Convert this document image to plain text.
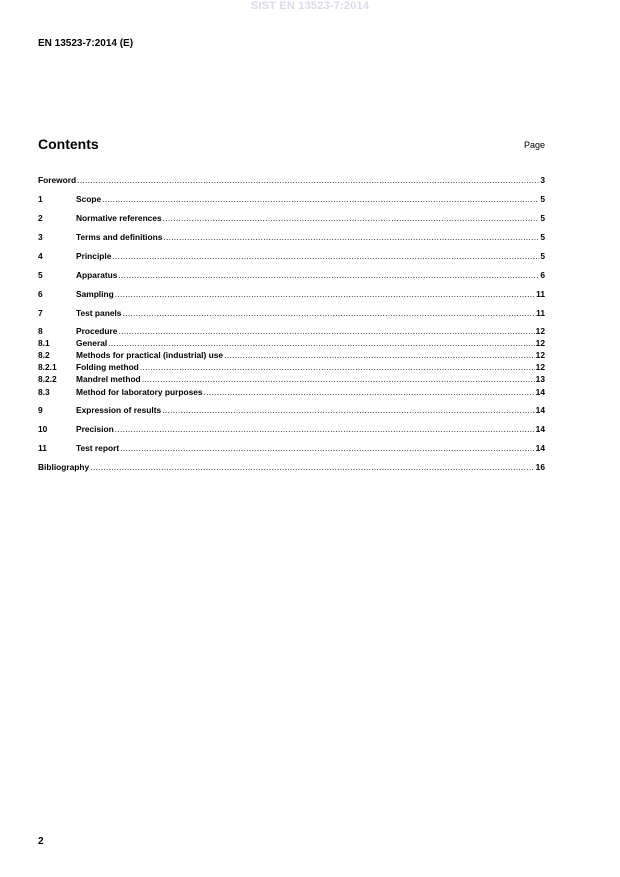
SIST EN 13523-7:2014
EN 13523-7:2014 (E)
Contents	Page
Foreword .....	3
1	Scope .....	5
2	Normative references .....	5
3	Terms and definitions .....	5
4	Principle .....	5
5	Apparatus .....	6
6	Sampling .....	11
7	Test panels .....	11
8	Procedure .....	12
8.1	General .....	12
8.2	Methods for practical (industrial) use .....	12
8.2.1	Folding method .....	12
8.2.2	Mandrel method .....	13
8.3	Method for laboratory purposes .....	14
9	Expression of results .....	14
10	Precision .....	14
11	Test report .....	14
Bibliography .....	16
2
